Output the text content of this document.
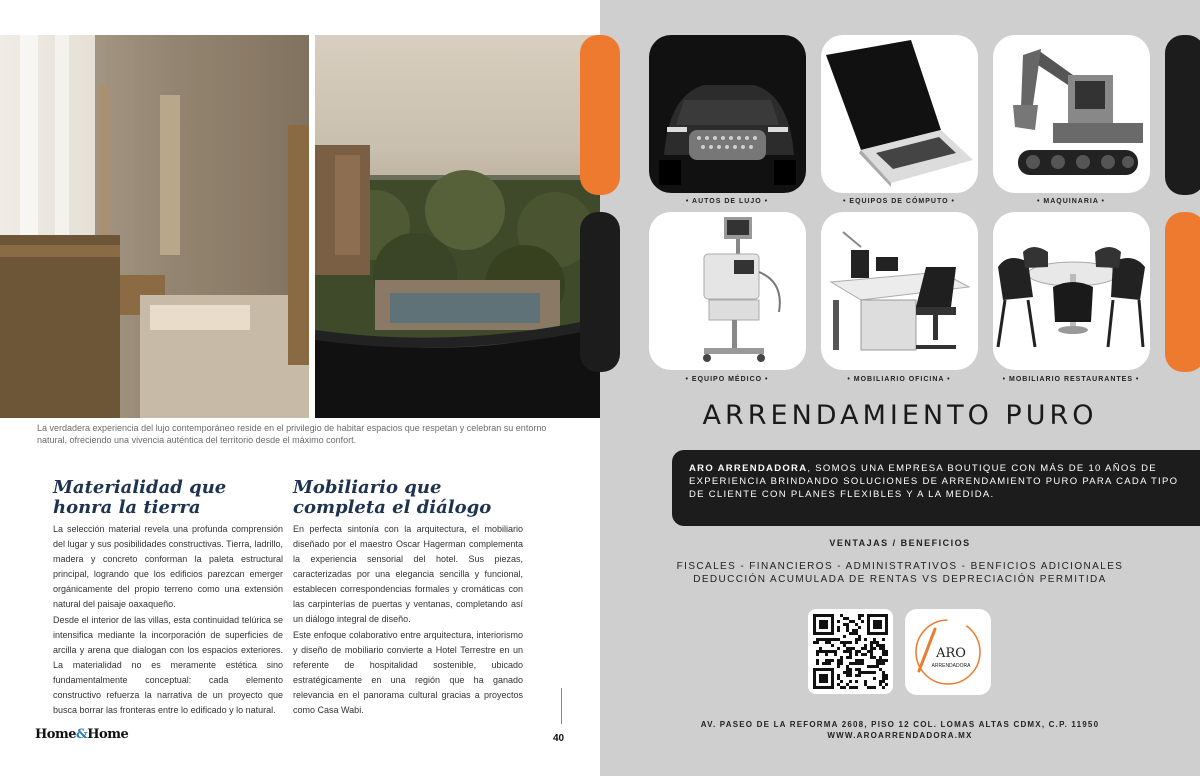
La verdadera experiencia del lujo contemporáneo reside en el privilegio de habitar espacios que respetan y celebran su entorno natural, ofreciendo una vivencia auténtica del territorio desde el máximo confort.
Materialidad que honra la tierra

La selección material revela una profunda comprensión del lugar y sus posibilidades constructivas. Tierra, ladrillo, madera y concreto conforman la paleta estructural principal, logrando que los edificios parezcan emerger orgánicamente del propio terreno como una extensión natural del paisaje oaxaqueño.

Desde el interior de las villas, esta continuidad telúrica se intensifica mediante la incorporación de superficies de arcilla y arena que dialogan con los espacios exteriores. La materialidad no es meramente estética sino fundamentalmente conceptual: cada elemento constructivo refuerza la narrativa de un proyecto que busca borrar las fronteras entre lo edificado y lo natural.

Mobiliario que completa el diálogo

En perfecta sintonía con la arquitectura, el mobiliario diseñado por el maestro Oscar Hagerman complementa la experiencia sensorial del hotel. Sus piezas, caracterizadas por una elegancia sencilla y funcional, establecen correspondencias formales y cromáticas con las carpinterías de puertas y ventanas, completando así un diálogo integral de diseño.

Este enfoque colaborativo entre arquitectura, interiorismo y diseño de mobiliario convierte a Hotel Terrestre en un referente de hospitalidad sostenible, ubicado estratégicamente en una región que ha ganado relevancia en el panorama cultural gracias a proyectos como Casa Wabi.

Home&Home	40
• AUTOS DE LUJO •	• EQUIPOS DE CÓMPUTO •	• MAQUINARIA •
• EQUIPO MÉDICO •	• MOBILIARIO OFICINA •	• MOBILIARIO RESTAURANTES •
ARRENDAMIENTO PURO
ARO ARRENDADORA, SOMOS UNA EMPRESA BOUTIQUE CON MÁS DE 10 AÑOS DE EXPERIENCIA BRINDANDO SOLUCIONES DE ARRENDAMIENTO PURO PARA CADA TIPO DE CLIENTE CON PLANES FLEXIBLES Y A LA MEDIDA.
VENTAJAS / BENEFICIOS
FISCALES - FINANCIEROS - ADMINISTRATIVOS - BENFICIOS ADICIONALES
DEDUCCIÓN ACUMULADA DE RENTAS VS DEPRECIACIÓN PERMITIDA
AV. PASEO DE LA REFORMA 2608, PISO 12 COL. LOMAS ALTAS CDMX, C.P. 11950
WWW.AROARRENDADORA.MX
ARO
ARRENDADORA
